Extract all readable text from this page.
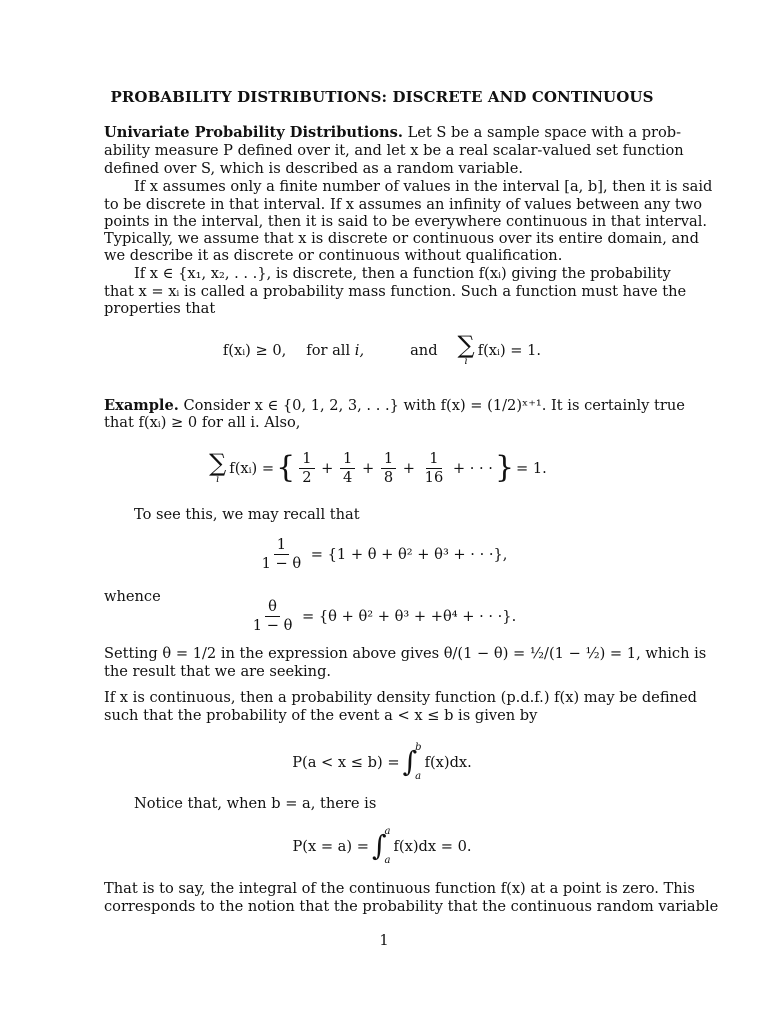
PROBABILITY DISTRIBUTIONS: DISCRETE AND CONTINUOUS
Univariate Probability Distributions. Let S be a sample space with a prob-
ability measure P defined over it, and let x be a real scalar-valued set function
defined over S, which is described as a random variable.
If x assumes only a finite number of values in the interval [a, b], then it is said
to be discrete in that interval. If x assumes an infinity of values between any two
points in the interval, then it is said to be everywhere continuous in that interval.
Typically, we assume that x is discrete or continuous over its entire domain, and
we describe it as discrete or continuous without qualification.
If x ∈ {x₁, x₂, . . .}, is discrete, then a function f(xᵢ) giving the probability
that x = xᵢ is called a probability mass function. Such a function must have the
properties that
f(xᵢ) ≥ 0, for all
i,	and ∑
i
f(xᵢ) = 1.
Example. Consider x ∈ {0, 1, 2, 3, . . .} with f(x) = (1/2)ˣ⁺¹. It is certainly true
that f(xᵢ) ≥ 0 for all i. Also,
∑
i
f(xᵢ) = { $\frac{1}{2} + \frac{1}{4} + \frac{1}{8} + \frac{1}{16}$
+ · · · } = 1.
To see this, we may recall that
$\frac{1}{1 - \theta}$
= {1 + θ + θ² + θ³ + · · ·},
whence
$\frac{\theta}{1 - \theta}$
= {θ + θ² + θ³ + +θ⁴ + · · ·}.
Setting θ = 1/2 in the expression above gives θ/(1 − θ) = ½/(1 − ½) = 1, which is
the result that we are seeking.
If x is continuous, then a probability density function (p.d.f.) f(x) may be defined
such that the probability of the event a < x ≤ b is given by
P(a < x ≤ b) = ∫
b
a
f(x)dx.
Notice that, when b = a, there is
P(x = a) = ∫
a
a
f(x)dx = 0.
That is to say, the integral of the continuous function f(x) at a point is zero. This
corresponds to the notion that the probability that the continuous random variable
1
